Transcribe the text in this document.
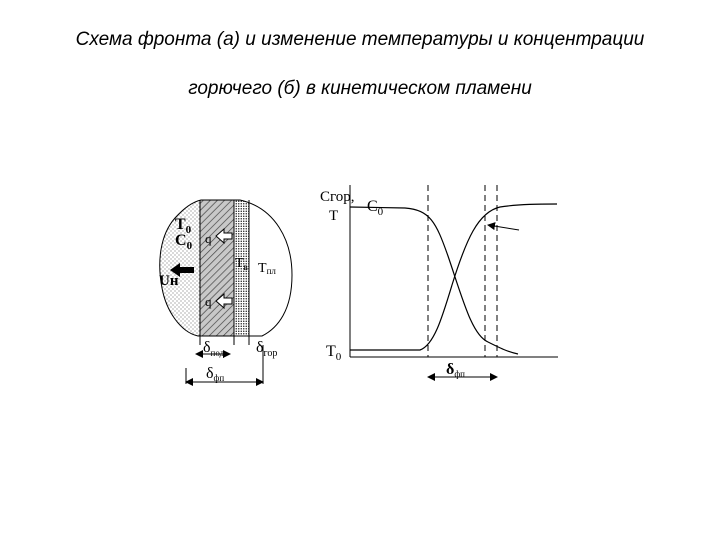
Схема фронта (а) и изменение температуры и концентрации
горючего (б) в кинетическом пламени
$T_0$
$C_0$ q
q
$T_в$ Tпл
Uн
$\delta_{под}$ $\delta_{гор}$
δфп
Cгор,
T
$C_0$
$T_0$
δфп
